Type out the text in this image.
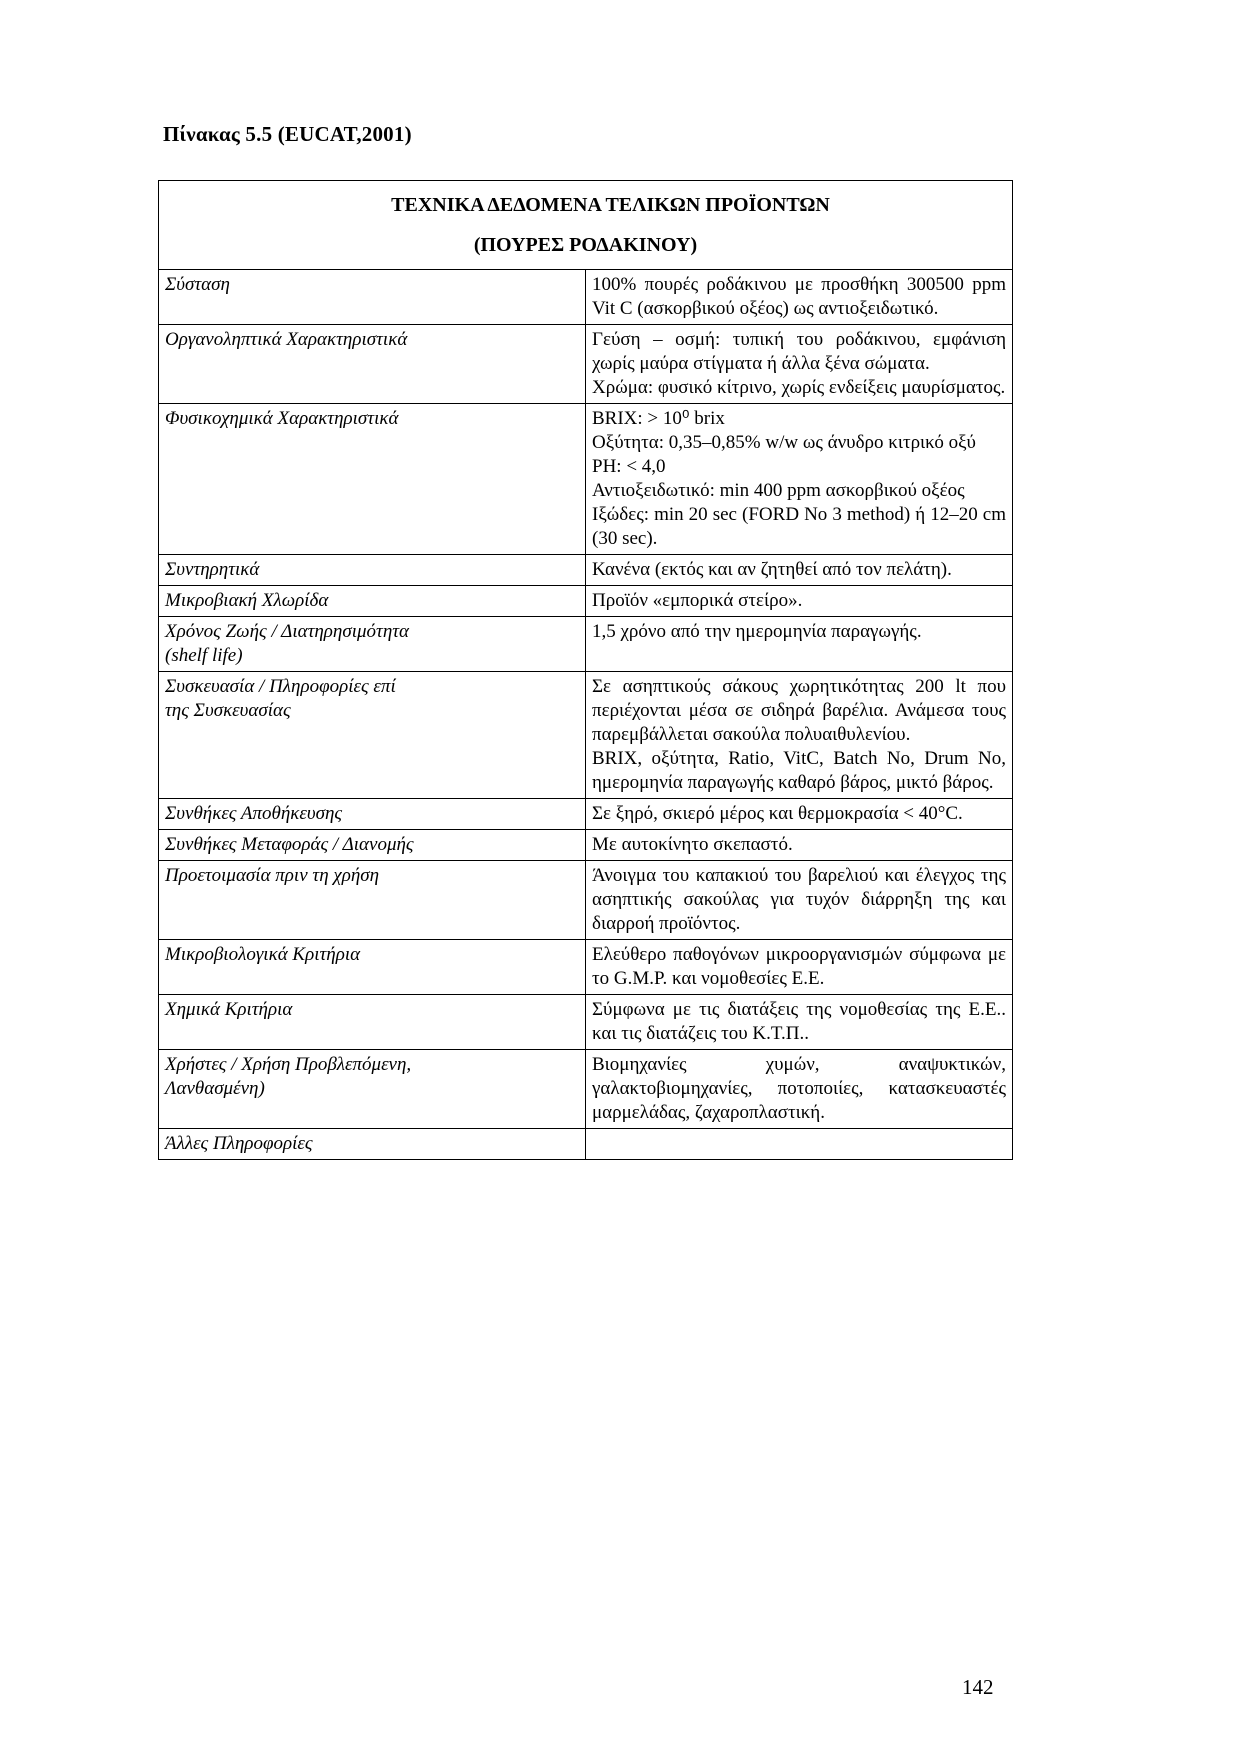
Πίνακας 5.5 (EUCAT,2001)
ΤΕΧΝΙΚΑ ΔΕΔΟΜΕΝΑ ΤΕΛΙΚΩΝ ΠΡΟΪΟΝΤΩΝ
(ΠΟΥΡΕΣ ΡΟΔΑΚΙΝΟΥ)	

Σύσταση	100% πουρές ροδάκινου με προσθήκη 300500 ppm Vit C (ασκορβικού οξέος) ως αντιοξειδωτικό.

Οργανοληπτικά Χαρακτηριστικά	Γεύση – οσμή: τυπική του ροδάκινου, εμφάνιση χωρίς μαύρα στίγματα ή άλλα ξένα σώματα.
Χρώμα: φυσικό κίτρινο, χωρίς ενδείξεις μαυρίσματος.

Φυσικοχημικά Χαρακτηριστικά	BRIX: > 10⁰ brix
Οξύτητα: 0,35–0,85% w/w ως άνυδρο κιτρικό οξύ
PH: < 4,0
Αντιοξειδωτικό: min 400 ppm ασκορβικού οξέος
Ιξώδες: min 20 sec (FORD No 3 method) ή 12–20 cm (30 sec).

Συντηρητικά	Κανένα (εκτός και αν ζητηθεί από τον πελάτη).

Μικροβιακή Χλωρίδα	Προϊόν «εμπορικά στείρο».

Χρόνος Ζωής / Διατηρησιμότητα
(shelf life)	1,5 χρόνο από την ημερομηνία παραγωγής.

Συσκευασία / Πληροφορίες επί
της Συσκευασίας	Σε ασηπτικούς σάκους χωρητικότητας 200 lt που περιέχονται μέσα σε σιδηρά βαρέλια. Ανάμεσα τους παρεμβάλλεται σακούλα πολυαιθυλενίου.
BRIX, οξύτητα, Ratio, VitC, Batch No, Drum No, ημερομηνία παραγωγής καθαρό βάρος, μικτό βάρος.

Συνθήκες Αποθήκευσης	Σε ξηρό, σκιερό μέρος και θερμοκρασία < 40°C.

Συνθήκες Μεταφοράς / Διανομής	Με αυτοκίνητο σκεπαστό.

Προετοιμασία πριν τη χρήση	Άνοιγμα του καπακιού του βαρελιού και έλεγχος της ασηπτικής σακούλας για τυχόν διάρρηξη της και διαρροή προϊόντος.

Μικροβιολογικά Κριτήρια	Ελεύθερο παθογόνων μικροοργανισμών σύμφωνα με το G.M.P. και νομοθεσίες Ε.Ε.

Χημικά Κριτήρια	Σύμφωνα με τις διατάξεις της νομοθεσίας της Ε.Ε.. και τις διατάζεις του Κ.Τ.Π..

Χρήστες / Χρήση Προβλεπόμενη,
Λανθασμένη)	Βιομηχανίες χυμών, αναψυκτικών, γαλακτοβιομηχανίες, ποτοποιίες, κατασκευαστές μαρμελάδας, ζαχαροπλαστική.

Άλλες Πληροφορίες	

142
